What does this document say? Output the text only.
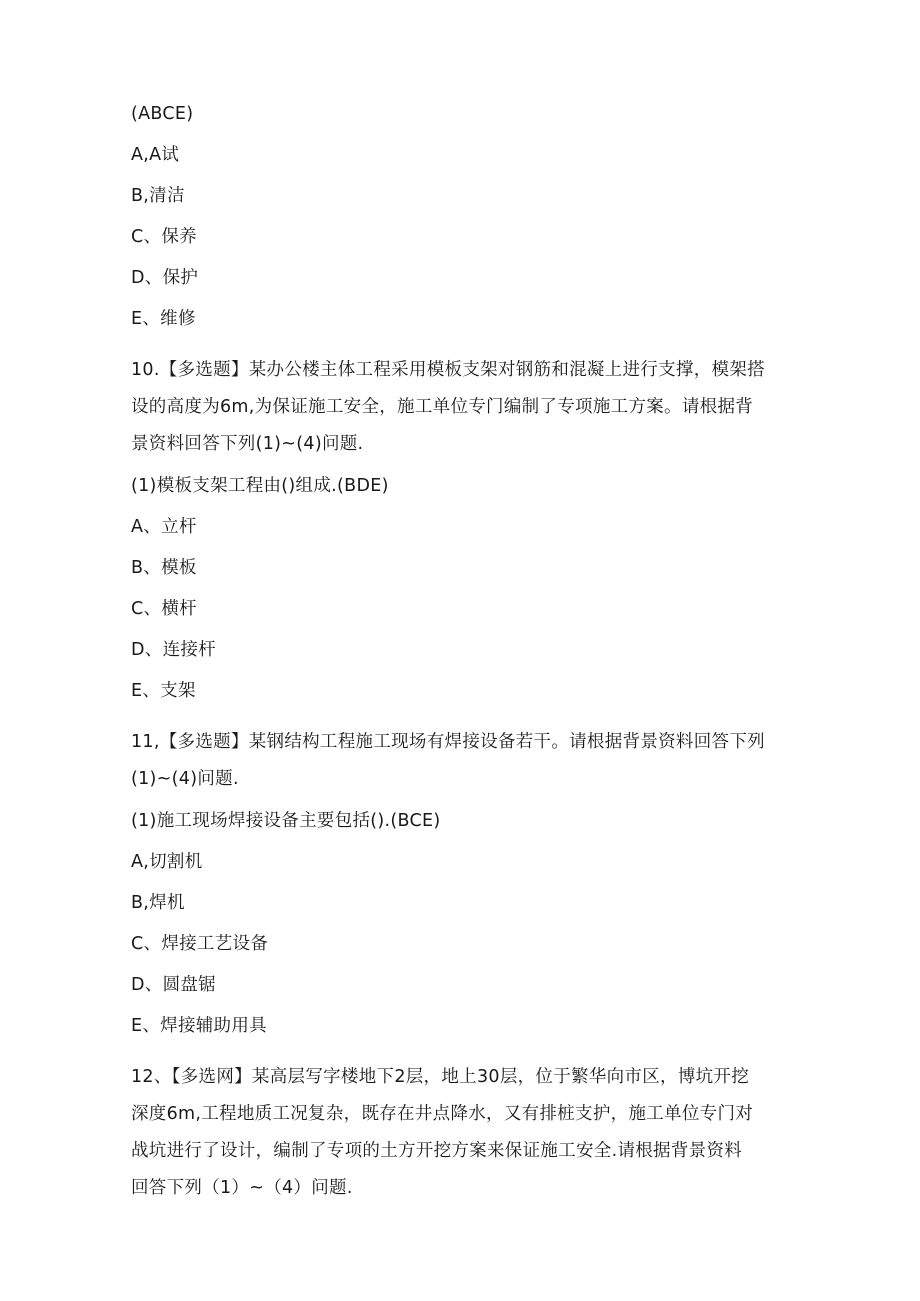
(ABCE)
A,A试
B,清洁
C、保养
D、保护
E、维修
10.【多选题】某办公楼主体工程采用模板支架对钢筋和混凝上进行支撑，模架搭
设的高度为6m,为保证施工安全，施工单位专门编制了专项施工方案。请根据背
景资料回答下列(1)~(4)问题.
(1)模板支架工程由()组成.(BDE)
A、立杆
B、模板
C、横杆
D、连接杆
E、支架
11,【多选题】某钢结构工程施工现场有焊接设备若干。请根据背景资料回答下列
(1)~(4)问题.
(1)施工现场焊接设备主要包括().(BCE)
A,切割机
B,焊机
C、焊接工艺设备
D、圆盘锯
E、焊接辅助用具
12、【多选网】某高层写字楼地下2层，地上30层，位于繁华向市区，博坑开挖
深度6m,工程地质工况复杂，既存在井点降水，又有排桩支护，施工单位专门对
战坑进行了设计，编制了专项的土方开挖方案来保证施工安全.请根据背景资料
回答下列（1）~（4）问题.
